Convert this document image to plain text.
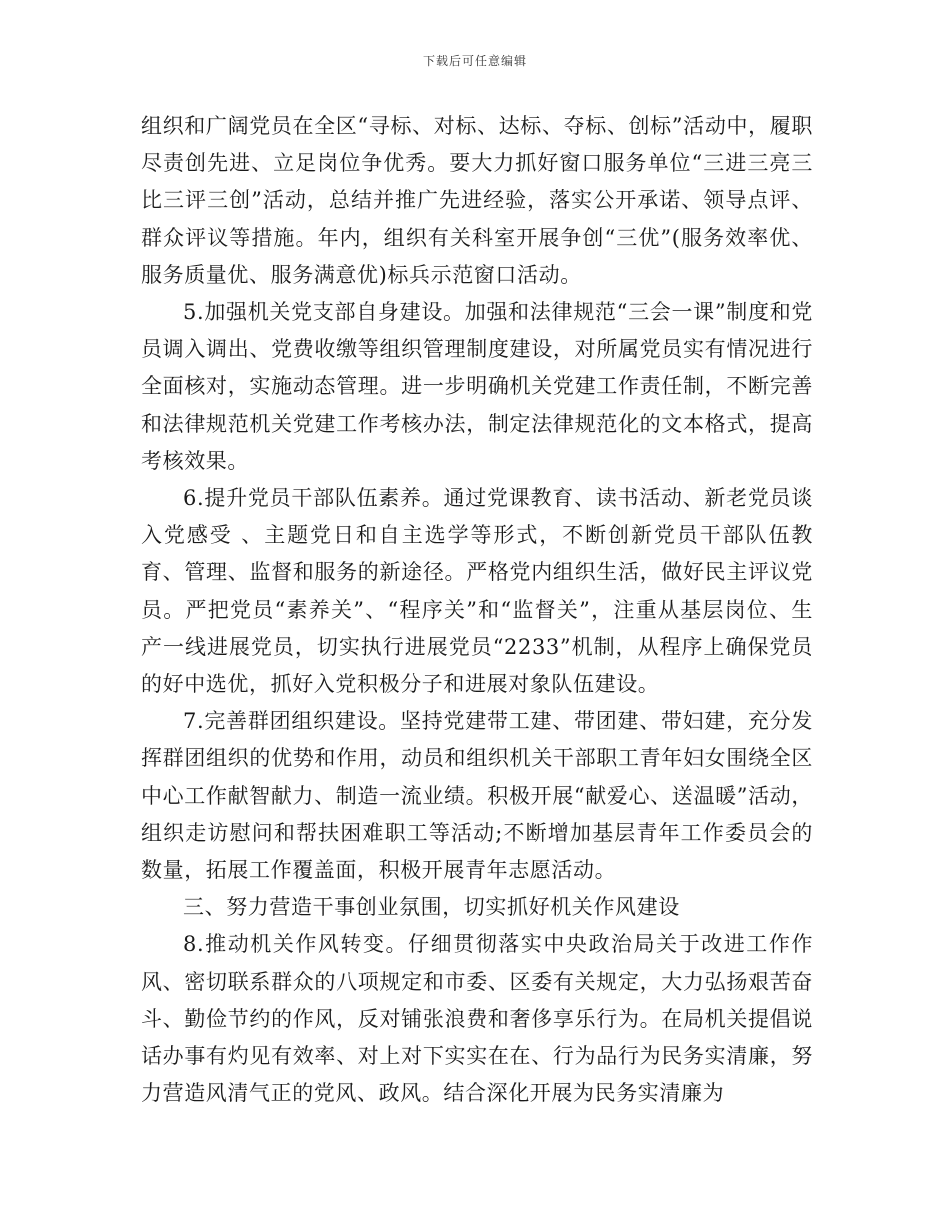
下载后可任意编辑

组织和广阔党员在全区“寻标、对标、达标、夺标、创标”活动中，履职尽责创先进、立足岗位争优秀。要大力抓好窗口服务单位“三进三亮三比三评三创”活动，总结并推广先进经验，落实公开承诺、领导点评、群众评议等措施。年内，组织有关科室开展争创“三优”(服务效率优、服务质量优、服务满意优)标兵示范窗口活动。

5.加强机关党支部自身建设。加强和法律规范“三会一课”制度和党员调入调出、党费收缴等组织管理制度建设，对所属党员实有情况进行全面核对，实施动态管理。进一步明确机关党建工作责任制，不断完善和法律规范机关党建工作考核办法，制定法律规范化的文本格式，提高考核效果。

6.提升党员干部队伍素养。通过党课教育、读书活动、新老党员谈入党感受 、主题党日和自主选学等形式，不断创新党员干部队伍教育、管理、监督和服务的新途径。严格党内组织生活，做好民主评议党员。严把党员“素养关”、“程序关”和“监督关”，注重从基层岗位、生产一线进展党员，切实执行进展党员“2233”机制，从程序上确保党员的好中选优，抓好入党积极分子和进展对象队伍建设。

7.完善群团组织建设。坚持党建带工建、带团建、带妇建，充分发挥群团组织的优势和作用，动员和组织机关干部职工青年妇女围绕全区中心工作献智献力、制造一流业绩。积极开展“献爱心、送温暖”活动，组织走访慰问和帮扶困难职工等活动;不断增加基层青年工作委员会的数量，拓展工作覆盖面，积极开展青年志愿活动。

三、努力营造干事创业氛围，切实抓好机关作风建设

8.推动机关作风转变。仔细贯彻落实中央政治局关于改进工作作风、密切联系群众的八项规定和市委、区委有关规定，大力弘扬艰苦奋斗、勤俭节约的作风，反对铺张浪费和奢侈享乐行为。在局机关提倡说话办事有灼见有效率、对上对下实实在在、行为品行为民务实清廉，努力营造风清气正的党风、政风。结合深化开展为民务实清廉为
